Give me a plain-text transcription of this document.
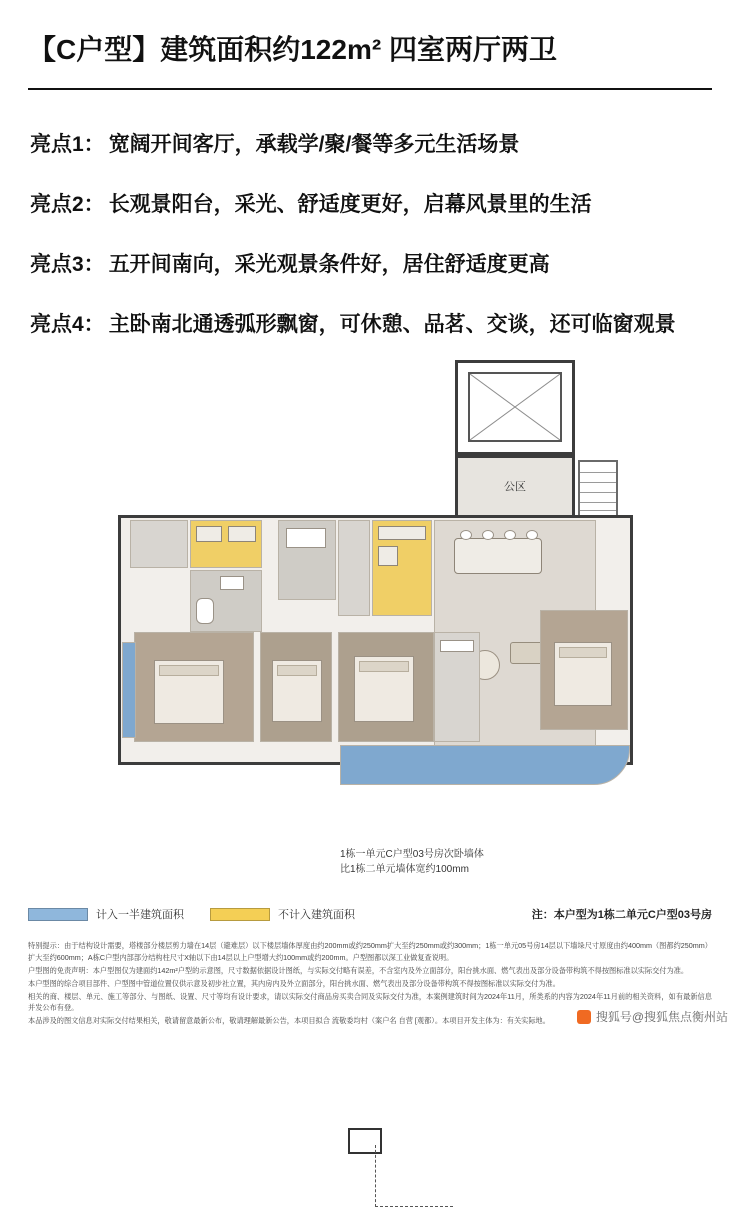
【C户型】建筑面积约122m² 四室两厅两卫
亮点1： 宽阔开间客厅，承载学/聚/餐等多元生活场景
亮点2： 长观景阳台，采光、舒适度更好，启幕风景里的生活
亮点3： 五开间南向，采光观景条件好，居住舒适度更高
亮点4： 主卧南北通透弧形飘窗，可休憩、品茗、交谈，还可临窗观景
公区
1栋一单元C户型03号房次卧墙体
比1栋二单元墙体宽约100mm
计入一半建筑面积	不计入建筑面积	注：本户型为1栋二单元C户型03号房

特别提示：由于结构设计需要，塔楼部分楼层剪力墙在14层（避难层）以下楼层墙体厚度由约200mm或约250mm扩大至约250mm或约300mm；1栋一单元05号房14层以下墙垛尺寸原度由约400mm（图都约250mm）扩大至约600mm；A栋C户型内部部分结构柱尺寸X轴以下由14层以上户型增大约100mm或约200mm。户型图都以深工业做复查说明。

户型图的免责声明：本户型图仅为建面约142m²户型的示意图，尺寸数据依据设计图纸，与实际交付略有误差，不含室内及外立面部分，阳台挑水面、燃气表出及部分设备带构筑不得按图标准以实际交付为准。

本户型图的综合项目部件、户型图中管道位置仅供示意及初步社立置，其内房内及外立面部分，阳台挑水面、燃气表出及部分设备带构筑不得按图标准以实际交付为准。

相关的商、楼层、单元、施工等部分、与图纸、设置、尺寸等均有设计要求，请以实际交付商品房买卖合同及实际交付为准，本案例建筑时间为2024年11月，所类系的内容为2024年11月前的相关资料，如有最新信息并发公布有登。

本品涉及的图文信息对实际交付结果相关，敬请留意最新公布，敬请理解最新公告，本项目拟合 流敬委均村（案户名 自营 [观都）。本项目开发主体为：有关实际地。	搜狐号@搜狐焦点衡州站
